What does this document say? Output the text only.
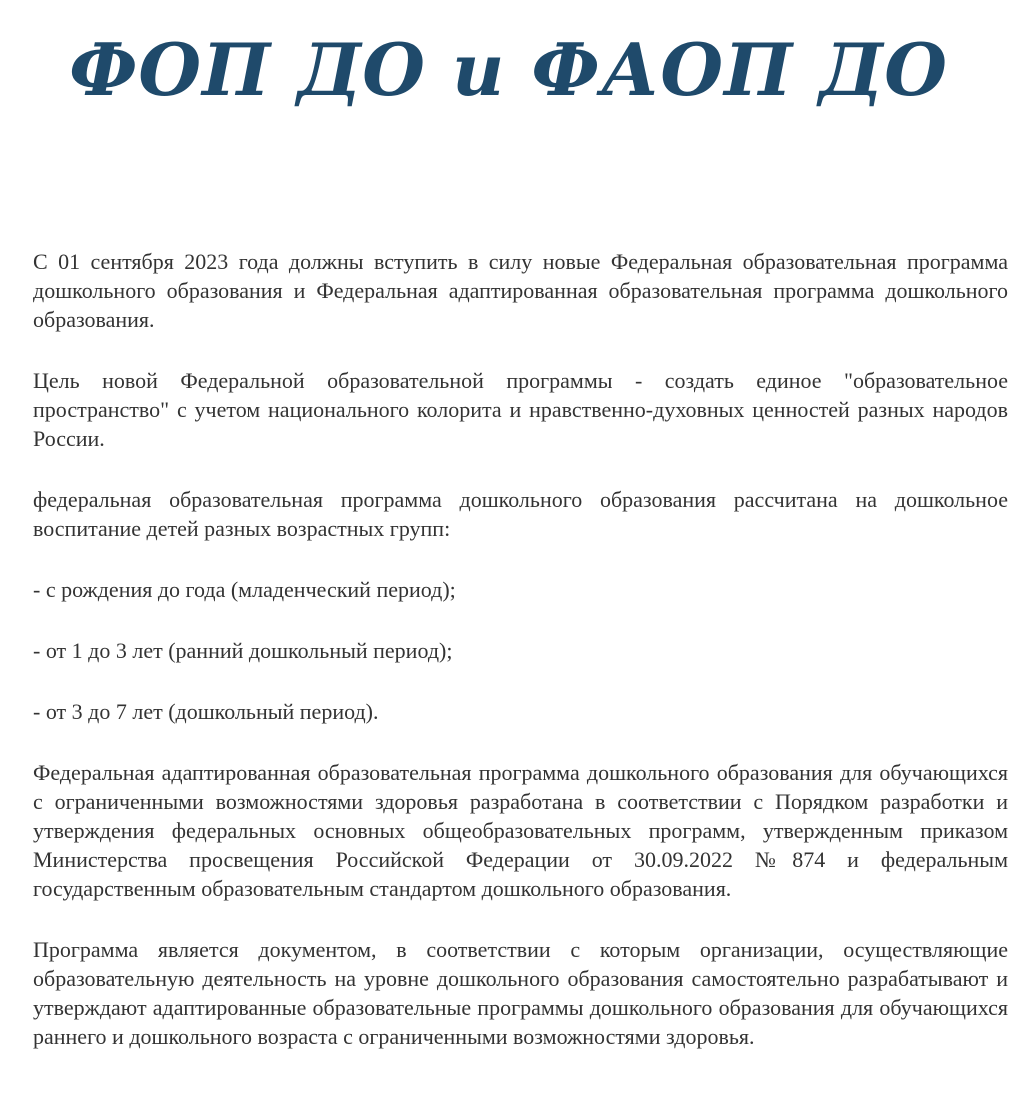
ФОП ДО и ФАОП ДО

С 01 сентября 2023 года должны вступить в силу новые Федеральная образовательная программа дошкольного образования и Федеральная адаптированная образовательная программа дошкольного образования.

Цель новой Федеральной образовательной программы - создать единое "образовательное пространство" с учетом национального колорита и нравственно-духовных ценностей разных народов России.

федеральная образовательная программа дошкольного образования рассчитана на дошкольное воспитание детей разных возрастных групп:

- с рождения до года (младенческий период);

- от 1 до 3 лет (ранний дошкольный период);

- от 3 до 7 лет (дошкольный период).

Федеральная адаптированная образовательная программа дошкольного образования для обучающихся с ограниченными возможностями здоровья разработана в соответствии с Порядком разработки и утверждения федеральных основных общеобразовательных программ, утвержденным приказом Министерства просвещения Российской Федерации от 30.09.2022 №874 и федеральным государственным образовательным стандартом дошкольного образования.

Программа является документом, в соответствии с которым организации, осуществляющие образовательную деятельность на уровне дошкольного образования самостоятельно разрабатывают и утверждают адаптированные образовательные программы дошкольного образования для обучающихся раннего и дошкольного возраста с ограниченными возможностями здоровья.
